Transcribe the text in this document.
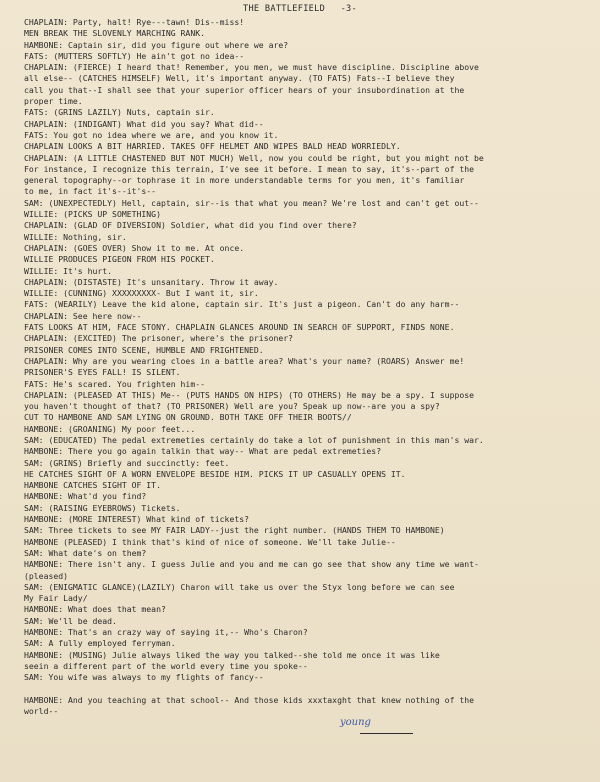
THE BATTLEFIELD -3-
CHAPLAIN: Party, halt! Rye---tawn! Dis--miss!
MEN BREAK THE SLOVENLY MARCHING RANK.
HAMBONE: Captain sir, did you figure out where we are?
FATS: (MUTTERS SOFTLY) He ain't got no idea--
CHAPLAIN: (FIERCE) I heard that! Remember, you men, we must have discipline. Discipline above
all else-- (CATCHES HIMSELF) Well, it's important anyway. (TO FATS) Fats--I believe they
call you that--I shall see that your superior officer hears of your insubordination at the
proper time.
FATS: (GRINS LAZILY) Nuts, captain sir.
CHAPLAIN: (INDIGANT) What did you say? What did--
FATS: You got no idea where we are, and you know it.
CHAPLAIN LOOKS A BIT HARRIED. TAKES OFF HELMET AND WIPES BALD HEAD WORRIEDLY.
CHAPLAIN: (A LITTLE CHASTENED BUT NOT MUCH) Well, now you could be right, but you might not be
For instance, I recognize this terrain, I've see it before. I mean to say, it's--part of the
general topography--or tophrase it in more understandable terms for you men, it's familiar
to me, in fact it's--it's--
SAM: (UNEXPECTEDLY) Hell, captain, sir--is that what you mean? We're lost and can't get out--
WILLIE: (PICKS UP SOMETHING)
CHAPLAIN: (GLAD OF DIVERSION) Soldier, what did you find over there?
WILLIE: Nothing, sir.
CHAPLAIN: (GOES OVER) Show it to me. At once.
WILLIE PRODUCES PIGEON FROM HIS POCKET.
WILLIE: It's hurt.
CHAPLAIN: (DISTASTE) It's unsanitary. Throw it away.
WILLIE: (CUNNING) XXXXXXXXX- But I want it, sir.
FATS: (WEARILY) Leave the kid alone, captain sir. It's just a pigeon. Can't do any harm--
CHAPLAIN: See here now--
FATS LOOKS AT HIM, FACE STONY. CHAPLAIN GLANCES AROUND IN SEARCH OF SUPPORT, FINDS NONE.
CHAPLAIN: (EXCITED) The prisoner, where's the prisoner?
PRISONER COMES INTO SCENE, HUMBLE AND FRIGHTENED.
CHAPLAIN: Why are you wearing cloes in a battle area? What's your name? (ROARS) Answer me!
PRISONER'S EYES FALL! IS SILENT.
FATS: He's scared. You frighten him--
CHAPLAIN: (PLEASED AT THIS) Me-- (PUTS HANDS ON HIPS) (TO OTHERS) He may be a spy. I suppose
you haven't thought of that? (TO PRISONER) Well are you? Speak up now--are you a spy?
CUT TO HAMBONE AND SAM LYING ON GROUND. BOTH TAKE OFF THEIR BOOTS//
HAMBONE: (GROANING) My poor feet...
SAM: (EDUCATED) The pedal extremeties certainly do take a lot of punishment in this man's war.
HAMBONE: There you go again talkin that way-- What are pedal extremeties?
SAM: (GRINS) Briefly and succinctly: feet.
HE CATCHES SIGHT OF A WORN ENVELOPE BESIDE HIM. PICKS IT UP CASUALLY OPENS IT.
HAMBONE CATCHES SIGHT OF IT.
HAMBONE: What'd you find?
SAM: (RAISING EYEBROWS) Tickets.
HAMBONE: (MORE INTEREST) What kind of tickets?
SAM: Three tickets to see MY FAIR LADY--just the right number. (HANDS THEM TO HAMBONE)
HAMBONE (PLEASED) I think that's kind of nice of someone. We'll take Julie--
SAM: What date's on them?
HAMBONE: There isn't any. I guess Julie and you and me can go see that show any time we want-
(pleased)
SAM: (ENIGMATIC GLANCE)(LAZILY) Charon will take us over the Styx long before we can see
My Fair Lady/
HAMBONE: What does that mean?
SAM: We'll be dead.
HAMBONE: That's an crazy way of saying it,-- Who's Charon?
SAM: A fully employed ferryman.
HAMBONE: (MUSING) Julie always liked the way you talked--she told me once it was like
seein a different part of the world every time you spoke--
SAM: You wife was always to my flights of fancy--
HAMBONE: And you teaching at that school-- And those kids xxxtaxght that knew nothing of the
world--
young
